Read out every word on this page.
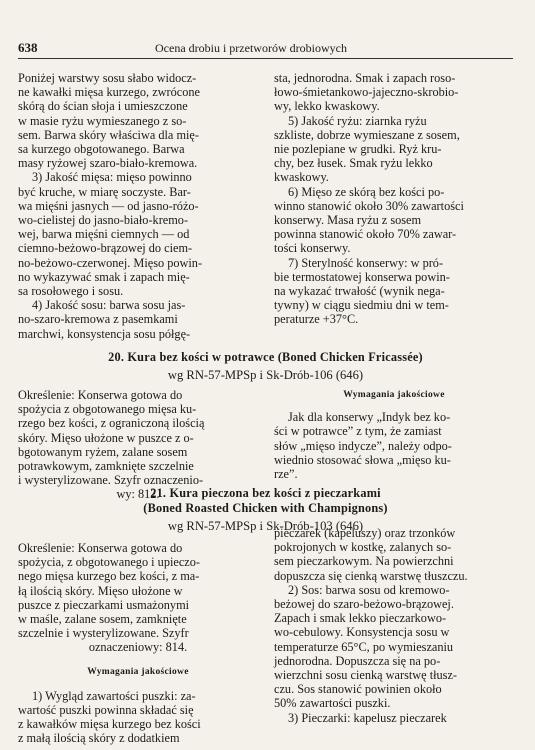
638	Ocena drobiu i przetworów drobiowych

Poniżej warstwy sosu słabo widocz-

ne kawałki mięsa kurzego, zwrócone

skórą do ścian słoja i umieszczone

w masie ryżu wymieszanego z so-

sem. Barwa skóry właściwa dla mię-

sa kurzego obgotowanego. Barwa

masy ryżowej szaro-biało-kremowa.

3) Jakość mięsa: mięso powinno

być kruche, w miarę soczyste. Bar-

wa mięśni jasnych — od jasno-różo-

wo-cielistej do jasno-biało-kremo-

wej, barwa mięśni ciemnych — od

ciemno-beżowo-brązowej do ciem-

no-beżowo-czerwonej. Mięso powin-

no wykazywać smak i zapach mię-

sa rosołowego i sosu.

4) Jakość sosu: barwa sosu jas-

no-szaro-kremowa z pasemkami

marchwi, konsystencja sosu półgę-

sta, jednorodna. Smak i zapach roso-

łowo-śmietankowo-jajeczno-skrobio-

wy, lekko kwaskowy.

5) Jakość ryżu: ziarnka ryżu

szkliste, dobrze wymieszane z sosem,

nie pozlepiane w grudki. Ryż kru-

chy, bez łusek. Smak ryżu lekko

kwaskowy.

6) Mięso ze skórą bez kości po-

winno stanowić około 30% zawartości

konserwy. Masa ryżu z sosem

powinna stanowić około 70% zawar-

tości konserwy.

7) Sterylność konserwy: w pró-

bie termostatowej konserwa powin-

na wykazać trwałość (wynik nega-

tywny) w ciągu siedmiu dni w tem-

peraturze +37°C.

20. Kura bez kości w potrawce (Boned Chicken Fricassée)
wg RN-57-MPSp i Sk-Drób-106 (646)

Określenie: Konserwa gotowa do

spożycia z obgotowanego mięsa ku-

rzego bez kości, z ograniczoną ilością

skóry. Mięso ułożone w puszce z o-

bgotowanym ryżem, zalane sosem

potrawkowym, zamknięte szczelnie

i wysterylizowane. Szyfr oznaczenio-

wy: 812.

Wymagania jakościowe

Jak dla konserwy „Indyk bez ko-

ści w potrawce” z tym, że zamiast

słów „mięso indycze”, należy odpo-

wiednio stosować słowa „mięso ku-

rze”.

21. Kura pieczona bez kości z pieczarkami
(Boned Roasted Chicken with Champignons)
wg RN-57-MPSp i Sk-Drób-103 (646)

Określenie: Konserwa gotowa do

spożycia, z obgotowanego i upieczo-

nego mięsa kurzego bez kości, z ma-

łą ilością skóry. Mięso ułożone w

puszce z pieczarkami usmażonymi

w maśle, zalane sosem, zamknięte

szczelnie i wysterylizowane. Szyfr

oznaczeniowy: 814.

Wymagania jakościowe

1) Wygląd zawartości puszki: za-

wartość puszki powinna składać się

z kawałków mięsa kurzego bez kości

z małą ilością skóry z dodatkiem

pieczarek (kapeluszy) oraz trzonków

pokrojonych w kostkę, zalanych so-

sem pieczarkowym. Na powierzchni

dopuszcza się cienką warstwę tłuszczu.

2) Sos: barwa sosu od kremowo-

beżowej do szaro-beżowo-brązowej.

Zapach i smak lekko pieczarkowo-

wo-cebulowy. Konsystencja sosu w

temperaturze 65°C, po wymieszaniu

jednorodna. Dopuszcza się na po-

wierzchni sosu cienką warstwę tłusz-

czu. Sos stanowić powinien około

50% zawartości puszki.

3) Pieczarki: kapelusz pieczarek
